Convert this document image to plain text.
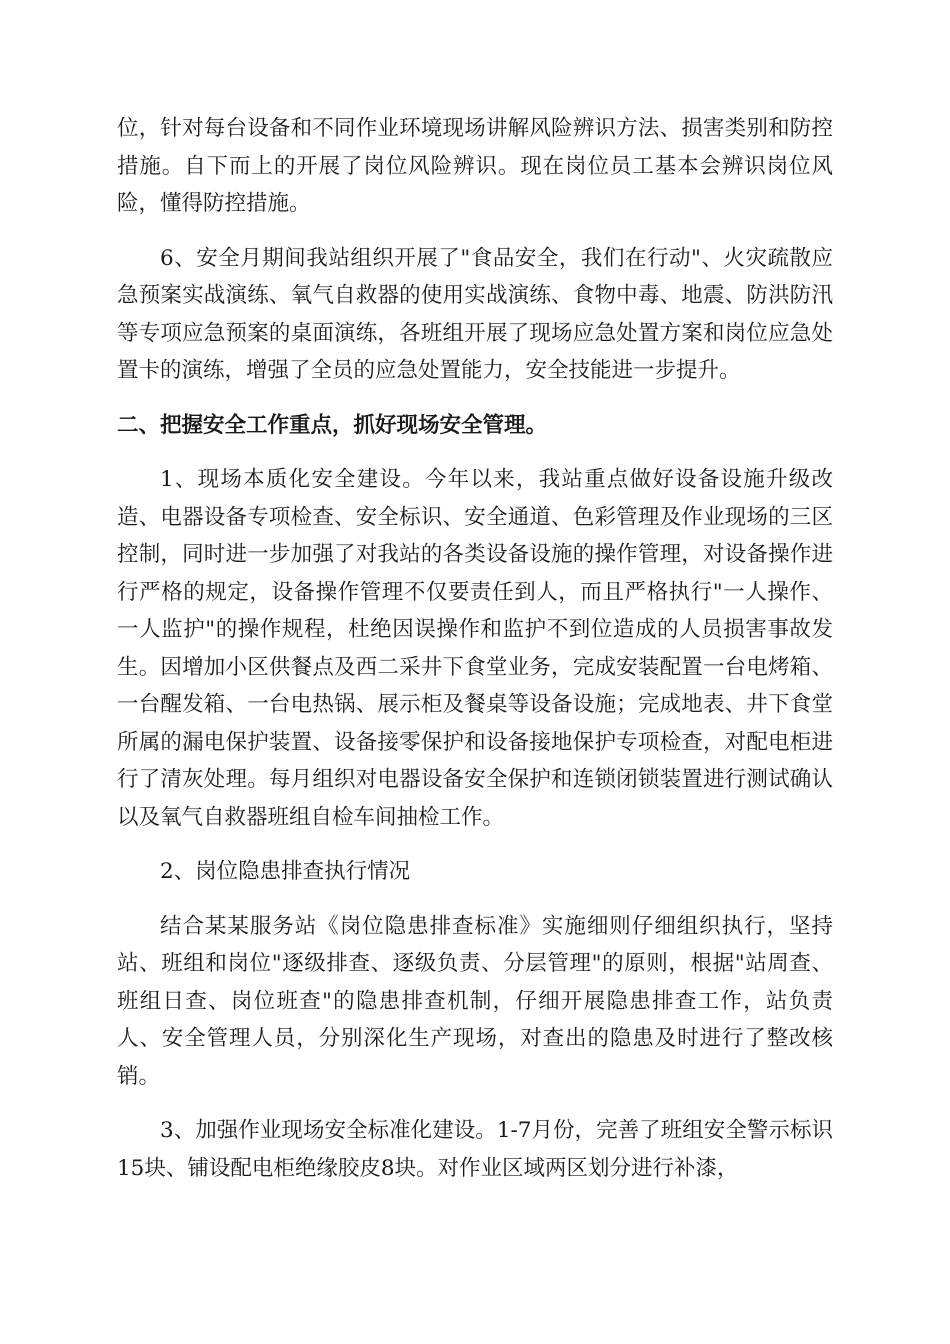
位，针对每台设备和不同作业环境现场讲解风险辨识方法、损害类别和防控措施。自下而上的开展了岗位风险辨识。现在岗位员工基本会辨识岗位风险，懂得防控措施。

6、安全月期间我站组织开展了"食品安全，我们在行动"、火灾疏散应急预案实战演练、氧气自救器的使用实战演练、食物中毒、地震、防洪防汛等专项应急预案的桌面演练，各班组开展了现场应急处置方案和岗位应急处置卡的演练，增强了全员的应急处置能力，安全技能进一步提升。

二、把握安全工作重点，抓好现场安全管理。

1、现场本质化安全建设。今年以来，我站重点做好设备设施升级改造、电器设备专项检查、安全标识、安全通道、色彩管理及作业现场的三区控制，同时进一步加强了对我站的各类设备设施的操作管理，对设备操作进行严格的规定，设备操作管理不仅要责任到人，而且严格执行"一人操作、一人监护"的操作规程，杜绝因误操作和监护不到位造成的人员损害事故发生。因增加小区供餐点及西二采井下食堂业务，完成安装配置一台电烤箱、一台醒发箱、一台电热锅、展示柜及餐桌等设备设施；完成地表、井下食堂所属的漏电保护装置、设备接零保护和设备接地保护专项检查，对配电柜进行了清灰处理。每月组织对电器设备安全保护和连锁闭锁装置进行测试确认以及氧气自救器班组自检车间抽检工作。

2、岗位隐患排查执行情况

结合某某服务站《岗位隐患排查标准》实施细则仔细组织执行，坚持站、班组和岗位"逐级排查、逐级负责、分层管理"的原则，根据"站周查、班组日查、岗位班查"的隐患排查机制，仔细开展隐患排查工作，站负责人、安全管理人员，分别深化生产现场，对查出的隐患及时进行了整改核销。

3、加强作业现场安全标准化建设。1-7月份，完善了班组安全警示标识15块、铺设配电柜绝缘胶皮8块。对作业区域两区划分进行补漆，
